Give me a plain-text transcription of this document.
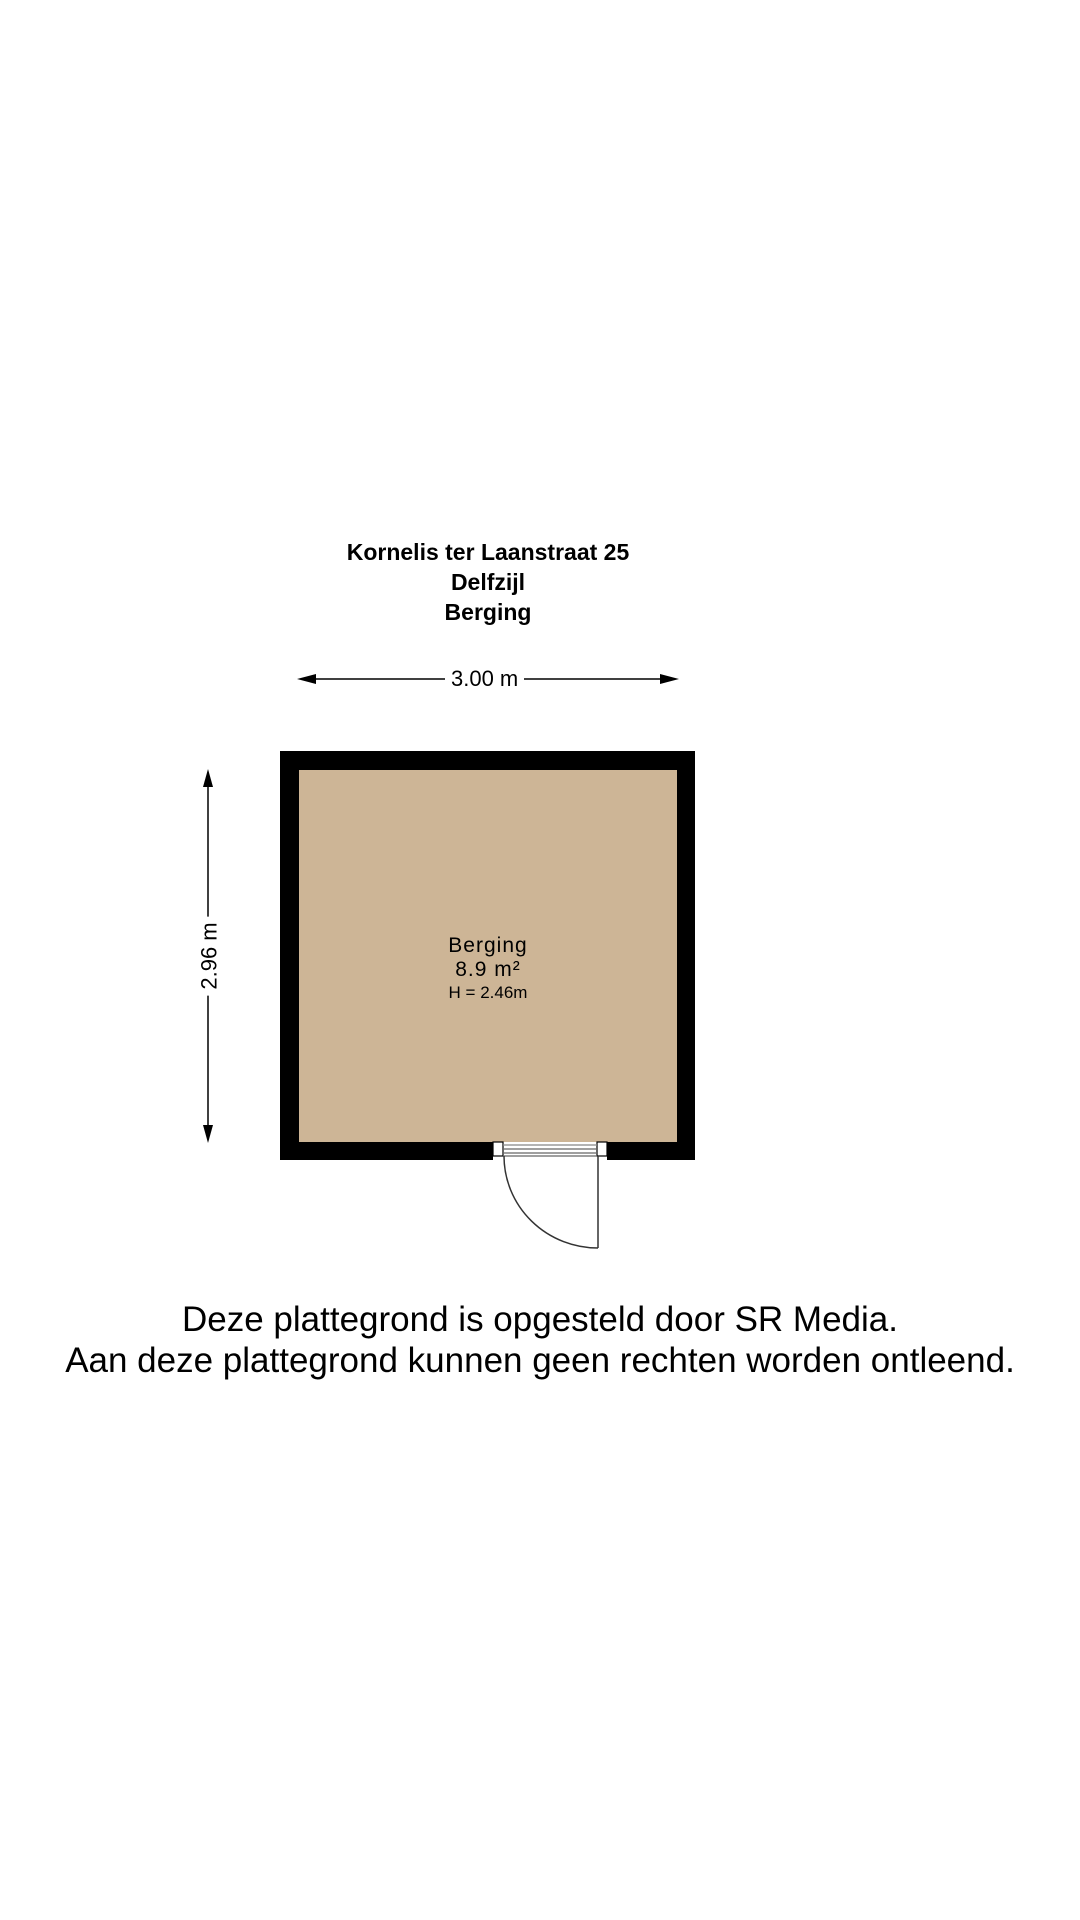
Kornelis ter Laanstraat 25
Delfzijl
Berging
3.00 m
2.96 m	Berging
8.9 m²
H = 2.46m
Deze plattegrond is opgesteld door SR Media.
Aan deze plattegrond kunnen geen rechten worden ontleend.
